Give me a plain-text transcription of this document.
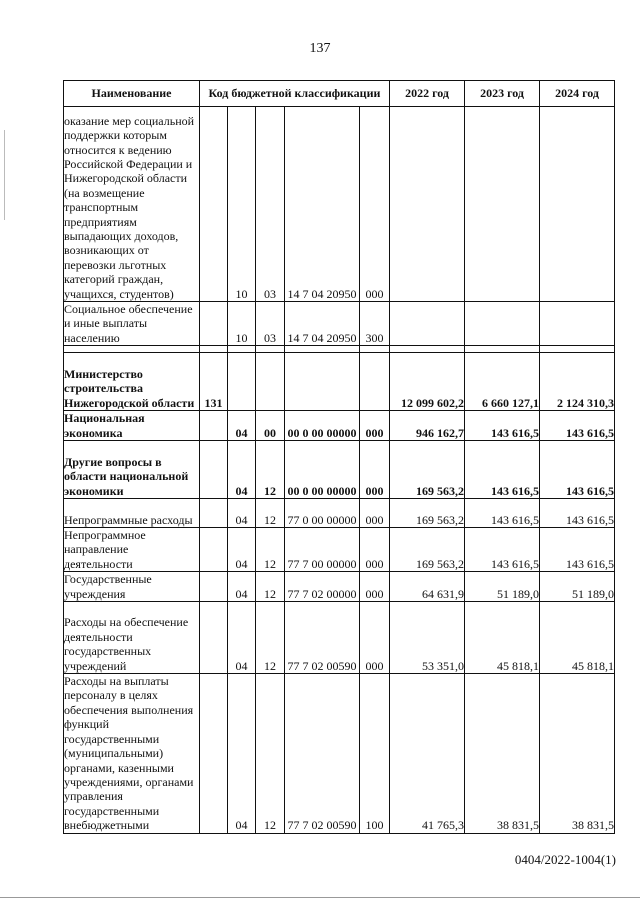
137
Наименование	Код бюджетной классификации					2022 год	2023 год	2024 год
оказание мер социальной поддержки которым относится к ведению Российской Федерации и Нижегородской области (на возмещение транспортным предприятиям выпадающих доходов, возникающих от перевозки льготных категорий граждан, учащихся, студентов)		10	03	14 7 04 20950	000			
Социальное обеспечение и иные выплаты населению		10	03	14 7 04 20950	300			

Министерство строительства Нижегородской области	131					12 099 602,2	6 660 127,1	2 124 310,3
Национальная экономика		04	00	00 0 00 00000	000	946 162,7	143 616,5	143 616,5
Другие вопросы в области национальной экономики		04	12	00 0 00 00000	000	169 563,2	143 616,5	143 616,5
Непрограммные расходы		04	12	77 0 00 00000	000	169 563,2	143 616,5	143 616,5
Непрограммное направление деятельности		04	12	77 7 00 00000	000	169 563,2	143 616,5	143 616,5
Государственные учреждения		04	12	77 7 02 00000	000	64 631,9	51 189,0	51 189,0
Расходы на обеспечение деятельности государственных учреждений		04	12	77 7 02 00590	000	53 351,0	45 818,1	45 818,1
Расходы на выплаты персоналу в целях обеспечения выполнения функций государственными (муниципальными) органами, казенными учреждениями, органами управления государственными внебюджетными		04	12	77 7 02 00590	100	41 765,3	38 831,5	38 831,5
0404/2022-1004(1)
